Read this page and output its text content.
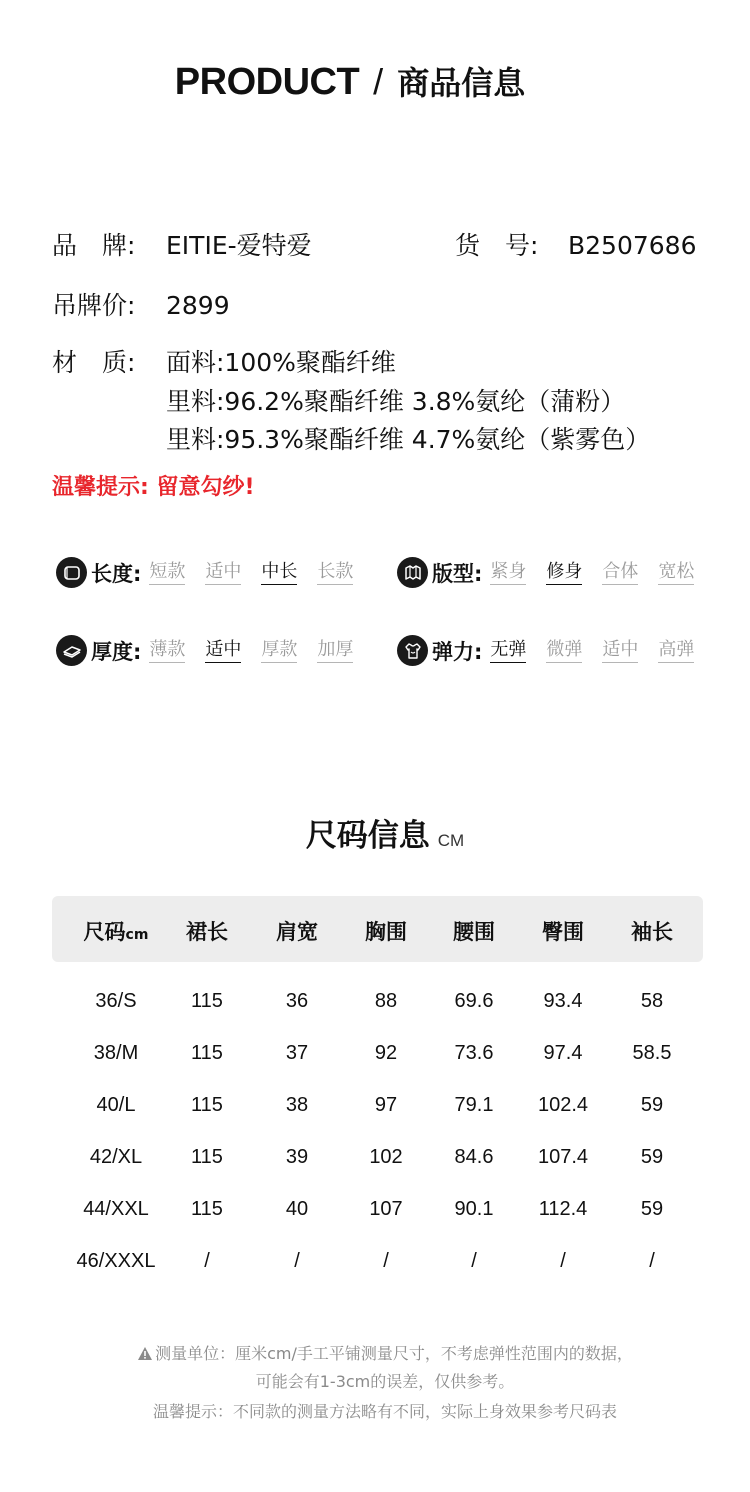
PRODUCT / 商品信息
品　牌:	EITIE-爱特爱	货　号: B2507686
吊牌价: 2899
材　质: 面料:100%聚酯纤维
里料:96.2%聚酯纤维 3.8%氨纶（蒲粉）
里料:95.3%聚酯纤维 4.7%氨纶（紫雾色）
温馨提示: 留意勾纱!
长度: 短款 适中 中长 长款	版型: 紧身 修身 合体 宽松
厚度: 薄款 适中 厚款 加厚	弹力: 无弹 微弹 适中 高弹
尺码信息 CM
尺码cm	裙长	肩宽	胸围	腰围	臀围	袖长
36/S	115	36	88	69.6	93.4	58
38/M	115	37	92	73.6	97.4	58.5
40/L	115	38	97	79.1	102.4	59
42/XL	115	39	102	84.6	107.4	59
44/XXL	115	40	107	90.1	112.4	59
46/XXXL	/	/	/	/	/	/
测量单位：厘米cm/手工平铺测量尺寸，不考虑弹性范围内的数据，
可能会有1-3cm的误差，仅供参考。
温馨提示：不同款的测量方法略有不同，实际上身效果参考尺码表
